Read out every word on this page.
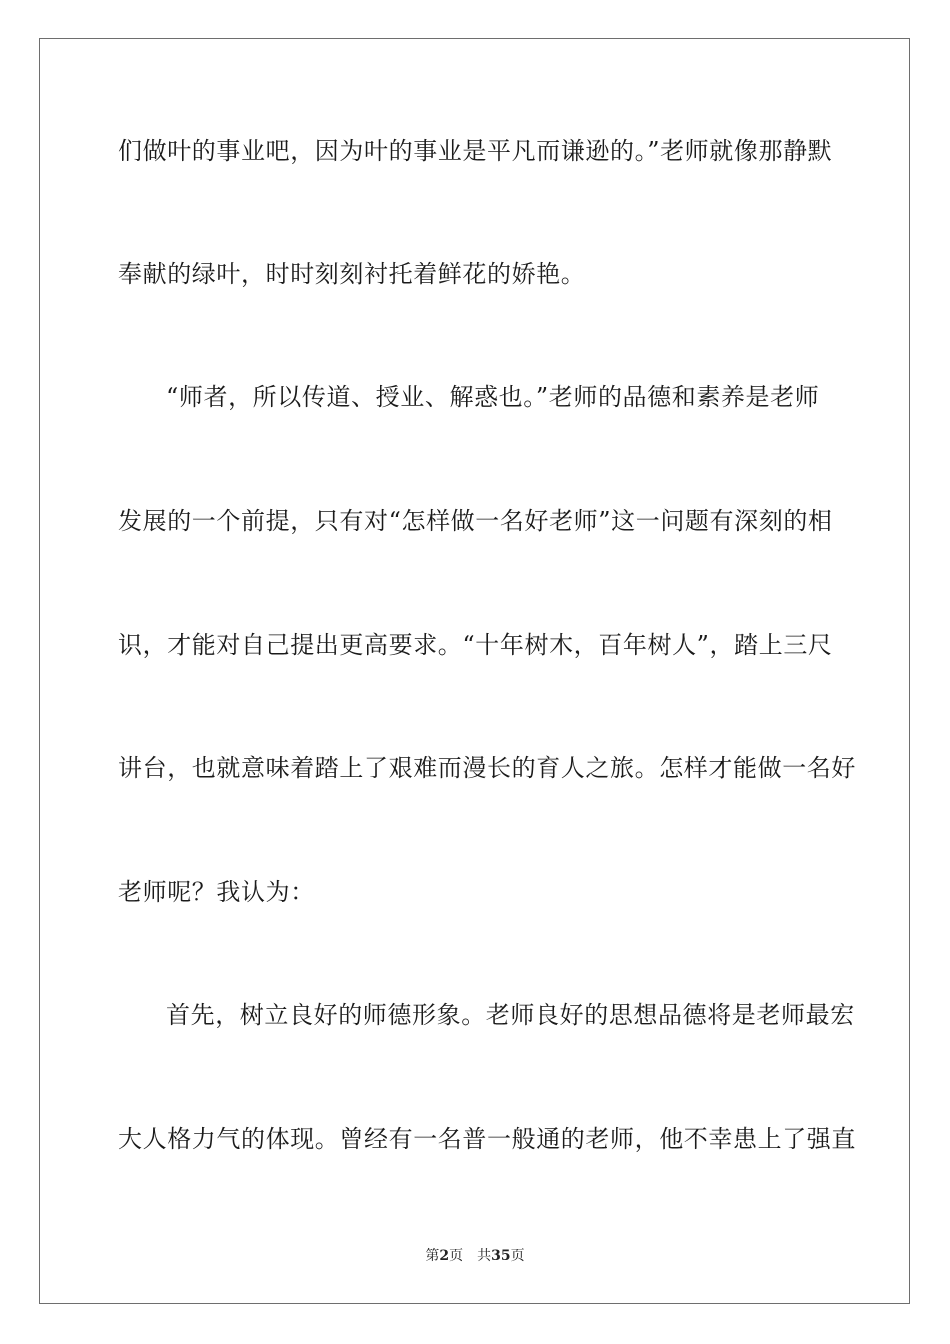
们做叶的事业吧，因为叶的事业是平凡而谦逊的。”老师就像那静默
奉献的绿叶，时时刻刻衬托着鲜花的娇艳。
“师者，所以传道、授业、解惑也。”老师的品德和素养是老师
发展的一个前提，只有对“怎样做一名好老师”这一问题有深刻的相
识，才能对自己提出更高要求。“十年树木，百年树人”，踏上三尺
讲台，也就意味着踏上了艰难而漫长的育人之旅。怎样才能做一名好
老师呢？我认为：
首先，树立良好的师德形象。老师良好的思想品德将是老师最宏
大人格力气的体现。曾经有一名普一般通的老师，他不幸患上了强直
第2页 共35页
